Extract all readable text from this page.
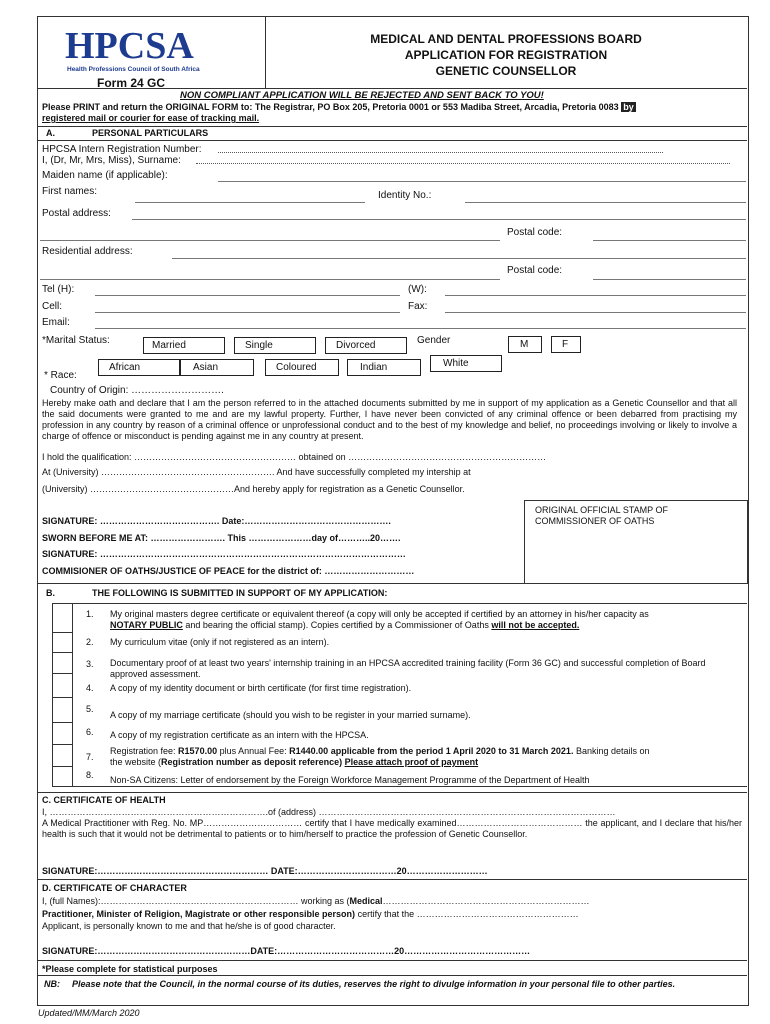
HPCSA
Health Professions Council of South Africa
Form 24 GC
MEDICAL AND DENTAL PROFESSIONS BOARD
APPLICATION FOR REGISTRATION
GENETIC COUNSELLOR
NON COMPLIANT APPLICATION WILL BE REJECTED AND SENT BACK TO YOU!
Please PRINT and return the ORIGINAL FORM to: The Registrar, PO Box 205, Pretoria 0001 or 553 Madiba Street, Arcadia, Pretoria 0083 by
registered mail or courier for ease of tracking mail.
A.	PERSONAL PARTICULARS
HPCSA Intern Registration Number:
I, (Dr, Mr, Mrs, Miss), Surname:
Maiden name (if applicable):
First names:	Identity No.:
Postal address:
Postal code:
Residential address:
Postal code:
Tel (H):	(W):
Cell:	Fax:
Email:
*Marital Status:	Married	Single	Divorced	Gender	M	F
African	Asian	Coloured	Indian	White
* Race:
Country of Origin: ……………………….
Hereby make oath and declare that I am the person referred to in the attached documents submitted by me in support of my application as a Genetic Counsellor and that all the said documents were granted to me and are my lawful property. Further, I have never been convicted of any criminal offence or been debarred from practising my profession in any country by reason of a criminal offence or unprofessional conduct and to the best of my knowledge and belief, no proceedings involving or likely to involve a charge of offence or misconduct is pending against me in any country at present.
I hold the qualification: ……………………………………………… obtained on …………………………………………………………
At (University) …………………………………………………. And have successfully completed my intership at
(University) …………………………………………And hereby apply for registration as a Genetic Counsellor.
ORIGINAL OFFICIAL STAMP OF COMMISSIONER OF OATHS
SIGNATURE: …………………………………. Date:………………………………………….
SWORN BEFORE ME AT: ……………………. This …………………day of………..20…….
SIGNATURE: …………………………………………………………………………………………
COMMISIONER OF OATHS/JUSTICE OF PEACE for the district of: …………………………
B.	THE FOLLOWING IS SUBMITTED IN SUPPORT OF MY APPLICATION:
1. My original masters degree certificate or equivalent thereof (a copy will only be accepted if certified by an attorney in his/her capacity as
NOTARY PUBLIC and bearing the official stamp). Copies certified by a Commissioner of Oaths will not be accepted.
2. My curriculum vitae (only if not registered as an intern).
3. Documentary proof of at least two years' internship training in an HPCSA accredited training facility (Form 36 GC) and successful completion of Board approved assessment.
4. A copy of my identity document or birth certificate (for first time registration).
5.
A copy of my marriage certificate (should you wish to be register in your married surname).
6. A copy of my registration certificate as an intern with the HPCSA.
7.
Registration fee: R1570.00 plus Annual Fee: R1440.00 applicable from the period 1 April 2020 to 31 March 2021. Banking details on
the website (Registration number as deposit reference) Please attach proof of payment
8. Non-SA Citizens: Letter of endorsement by the Foreign Workforce Management Programme of the Department of Health
C. CERTIFICATE OF HEALTH
I, ……………………………………………………………….of (address) ………………………………………………………………………………………
A Medical Practitioner with Reg. No. MP…………………………… certify that I have medically examined…………………………………… the applicant, and I declare that his/her health is such that it would not be detrimental to patients or to him/herself to practice the profession of Genetic Counsellor.
SIGNATURE:………………………………………………… DATE:……………………………20………………………
D. CERTIFICATE OF CHARACTER
I, (full Names):………………………………………………………… working as (Medical……………………………………………………………
Practitioner, Minister of Religion, Magistrate or other responsible person) certify that the ………………………………………………
Applicant, is personally known to me and that he/she is of good character.
SIGNATURE:……………………………………………DATE:…………………………………20……………………………………
*Please complete for statistical purposes
NB: Please note that the Council, in the normal course of its duties, reserves the right to divulge information in your personal file to other parties.
Updated/MM/March 2020
